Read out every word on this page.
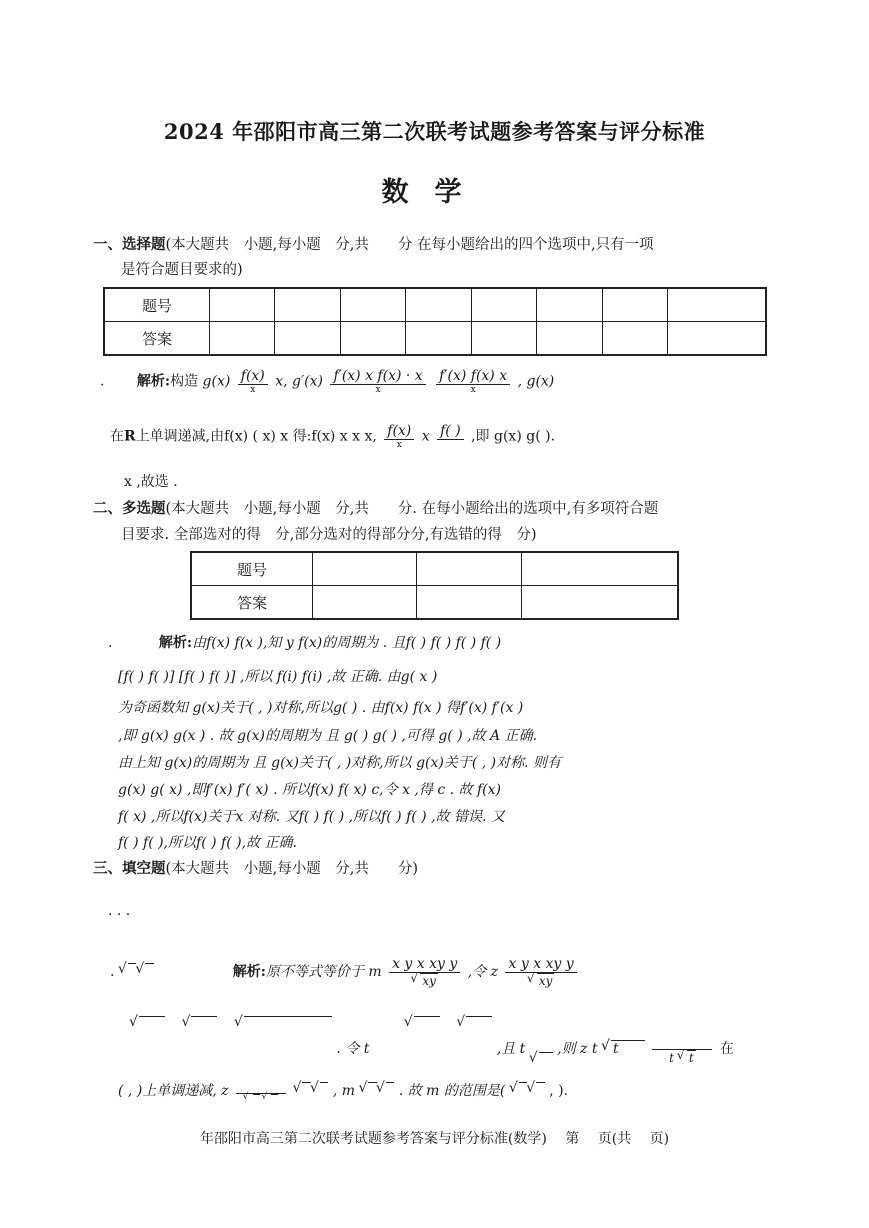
2024 年邵阳市高三第二次联考试题参考答案与评分标准
数学
一、选择题(本大题共　小题,每小题　分,共　　分 在每小题给出的四个选项中,只有一项
是符合题目要求的)
题号								
答案								
.　　 解析:构造 $g(x) \frac{f(x)}{x} x$, $g'(x) \frac{\text{f′(x) x f(x) · x}}{x}$
$\frac{f'(x) f(x) x}{x}$ , g(x)
在R上单调递减,由f(x) ( x) x 得:f(x) x x x, $\frac{f(x)}{x}$ x f( ) ,即 g(x) g( ).
x ,故选 .
二、多选题(本大题共　小题,每小题　分,共　　分. 在每小题给出的选项中,有多项符合题
目要求. 全部选对的得　分,部分选对的得部分分,有选错的得　分)
题号			
答案			
.　　　 解析:由f(x) f(x ),知 y f(x)的周期为 . 且f( ) f( ) f( ) f( )
[f( ) f( )] [f( ) f( )] ,所以 f(i) f(i) ,故 正确. 由g( x )
为奇函数知 g(x)关于( , )对称,所以g( ) . 由f(x) f(x ) 得f′(x) f′(x )
,即 g(x) g(x ) . 故 g(x)的周期为 且 g( ) g( ) ,可得 g( ) ,故 A 正确.
由上知 g(x)的周期为 且 g(x)关于( , )对称,所以 g(x)关于( , )对称. 则有
g(x) g( x) ,即f′(x) f′( x) . 所以f(x) f( x) c,令 x ,得 c . 故 f(x)
f( x) ,所以f(x)关于x 对称. 又f( ) f( ) ,所以f( ) f( ) ,故 错误. 又
f( ) f( ),所以f( ) f( ),故 正确.
三、填空题(本大题共　小题,每小题　分,共　　分)
. . .
. √ √   　　　　　	解析:原不等式等价于 m x y x xy y
√ xy ,令 z x y x xy y
√ xy
√ √ √ . 令 t √ √	,且 t √ ,则 z t √ t

t √ t
在
( , )上单调递减, z

√   √ √ √	, m √ √	. 故 m 的范围是( √ √	, ).
年邵阳市高三第二次联考试题参考答案与评分标准(数学)　 第　 页(共　 页)
